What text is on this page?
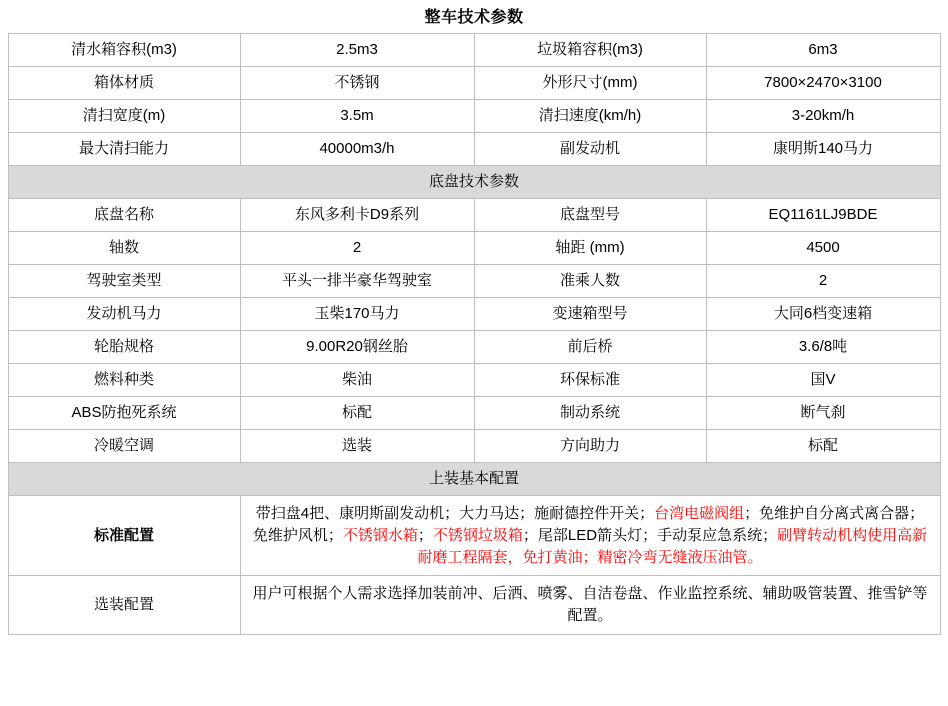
整车技术参数
清水箱容积(m3)	2.5m3	垃圾箱容积(m3)	6m3
箱体材质	不锈钢	外形尺寸(mm)	7800×2470×3100
清扫宽度(m)	3.5m	清扫速度(km/h)	3-20km/h
最大清扫能力	40000m3/h	副发动机	康明斯140马力
底盘技术参数			
底盘名称	东风多利卡D9系列	底盘型号	EQ1161LJ9BDE
轴数	2	轴距 (mm)	4500
驾驶室类型	平头一排半豪华驾驶室	准乘人数	2
发动机马力	玉柴170马力	变速箱型号	大同6档变速箱
轮胎规格	9.00R20钢丝胎	前后桥	3.6/8吨
燃料种类	柴油	环保标准	国V
ABS防抱死系统	标配	制动系统	断气刹
冷暖空调	选装	方向助力	标配
上装基本配置			
标准配置	带扫盘4把、康明斯副发动机；大力马达；施耐德控件开关；台湾电磁阀组；免维护自分离式离合器；免维护风机；不锈钢水箱；不锈钢垃圾箱；尾部LED箭头灯；手动泵应急系统；刷臂转动机构使用高新耐磨工程隔套，免打黄油；精密冷弯无缝液压油管。		
选装配置	用户可根据个人需求选择加装前冲、后洒、喷雾、自洁卷盘、作业监控系统、辅助吸管装置、推雪铲等配置。		
